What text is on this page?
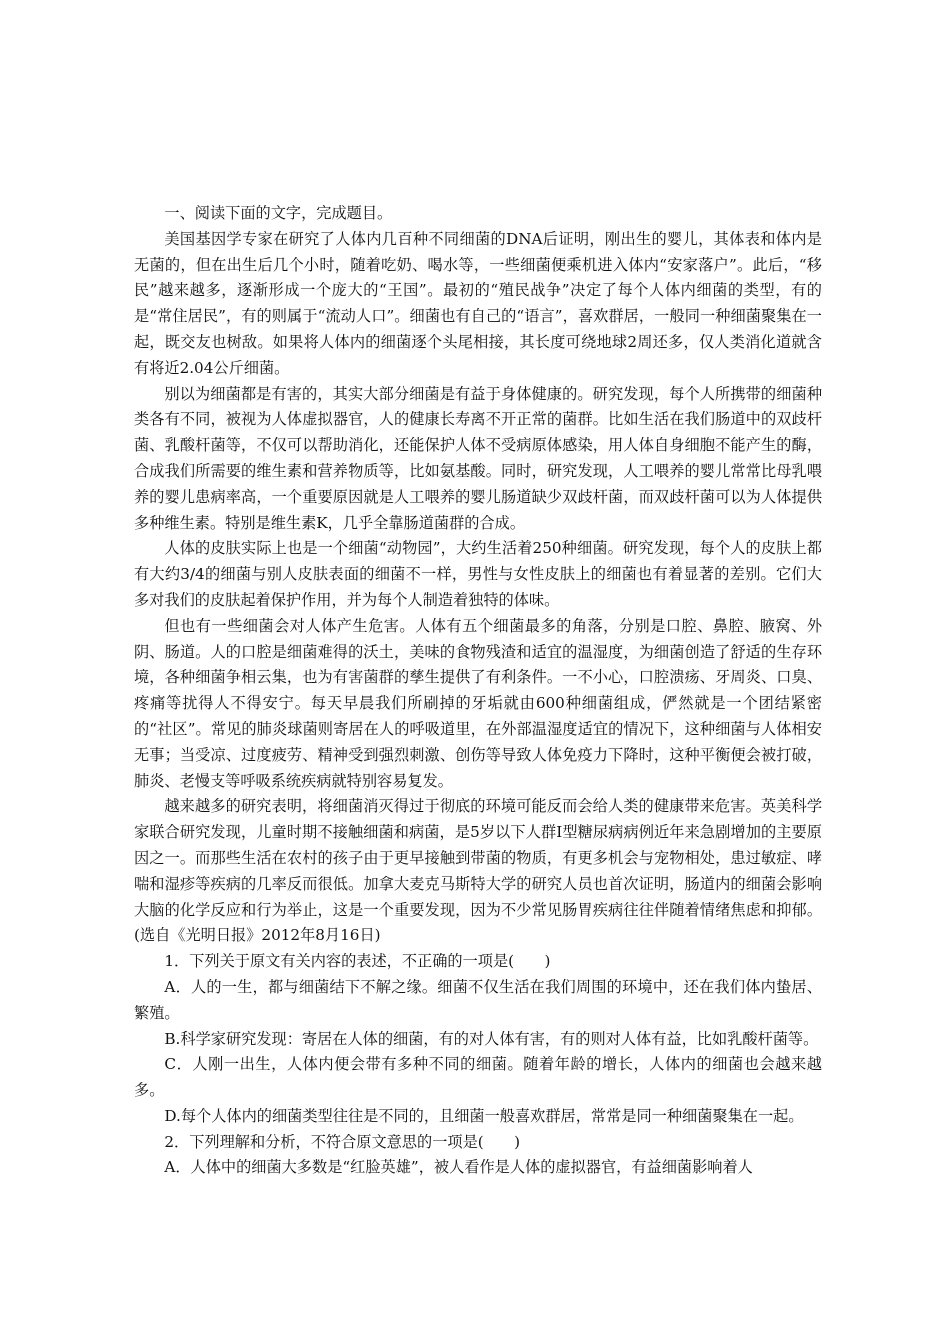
一、阅读下面的文字，完成题目。

美国基因学专家在研究了人体内几百种不同细菌的DNA后证明，刚出生的婴儿，其体表和体内是无菌的，但在出生后几个小时，随着吃奶、喝水等，一些细菌便乘机进入体内“安家落户”。此后，“移民”越来越多，逐渐形成一个庞大的“王国”。最初的“殖民战争”决定了每个人体内细菌的类型，有的是“常住居民”，有的则属于“流动人口”。细菌也有自己的“语言”，喜欢群居，一般同一种细菌聚集在一起，既交友也树敌。如果将人体内的细菌逐个头尾相接，其长度可绕地球2周还多，仅人类消化道就含有将近2.04公斤细菌。

别以为细菌都是有害的，其实大部分细菌是有益于身体健康的。研究发现，每个人所携带的细菌种类各有不同，被视为人体虚拟器官，人的健康长寿离不开正常的菌群。比如生活在我们肠道中的双歧杆菌、乳酸杆菌等，不仅可以帮助消化，还能保护人体不受病原体感染，用人体自身细胞不能产生的酶，合成我们所需要的维生素和营养物质等，比如氨基酸。同时，研究发现，人工喂养的婴儿常常比母乳喂养的婴儿患病率高，一个重要原因就是人工喂养的婴儿肠道缺少双歧杆菌，而双歧杆菌可以为人体提供多种维生素。特别是维生素K，几乎全靠肠道菌群的合成。

人体的皮肤实际上也是一个细菌“动物园”，大约生活着250种细菌。研究发现，每个人的皮肤上都有大约3/4的细菌与别人皮肤表面的细菌不一样，男性与女性皮肤上的细菌也有着显著的差别。它们大多对我们的皮肤起着保护作用，并为每个人制造着独特的体味。

但也有一些细菌会对人体产生危害。人体有五个细菌最多的角落，分别是口腔、鼻腔、腋窝、外阴、肠道。人的口腔是细菌难得的沃土，美味的食物残渣和适宜的温湿度，为细菌创造了舒适的生存环境，各种细菌争相云集，也为有害菌群的孳生提供了有利条件。一不小心，口腔溃疡、牙周炎、口臭、疼痛等扰得人不得安宁。每天早晨我们所刷掉的牙垢就由600种细菌组成，俨然就是一个团结紧密的“社区”。常见的肺炎球菌则寄居在人的呼吸道里，在外部温湿度适宜的情况下，这种细菌与人体相安无事；当受凉、过度疲劳、精神受到强烈刺激、创伤等导致人体免疫力下降时，这种平衡便会被打破，肺炎、老慢支等呼吸系统疾病就特别容易复发。

越来越多的研究表明，将细菌消灭得过于彻底的环境可能反而会给人类的健康带来危害。英美科学家联合研究发现，儿童时期不接触细菌和病菌，是5岁以下人群Ⅰ型糖尿病病例近年来急剧增加的主要原因之一。而那些生活在农村的孩子由于更早接触到带菌的物质，有更多机会与宠物相处，患过敏症、哮喘和湿疹等疾病的几率反而很低。加拿大麦克马斯特大学的研究人员也首次证明，肠道内的细菌会影响大脑的化学反应和行为举止，这是一个重要发现，因为不少常见肠胃疾病往往伴随着情绪焦虑和抑郁。 (选自《光明日报》2012年8月16日)

1．下列关于原文有关内容的表述，不正确的一项是(　　)

A．人的一生，都与细菌结下不解之缘。细菌不仅生活在我们周围的环境中，还在我们体内蛰居、繁殖。

B.科学家研究发现：寄居在人体的细菌，有的对人体有害，有的则对人体有益，比如乳酸杆菌等。

C．人刚一出生，人体内便会带有多种不同的细菌。随着年龄的增长，人体内的细菌也会越来越多。

D.每个人体内的细菌类型往往是不同的，且细菌一般喜欢群居，常常是同一种细菌聚集在一起。

2．下列理解和分析，不符合原文意思的一项是(　　)

A．人体中的细菌大多数是“红脸英雄”，被人看作是人体的虚拟器官，有益细菌影响着人
